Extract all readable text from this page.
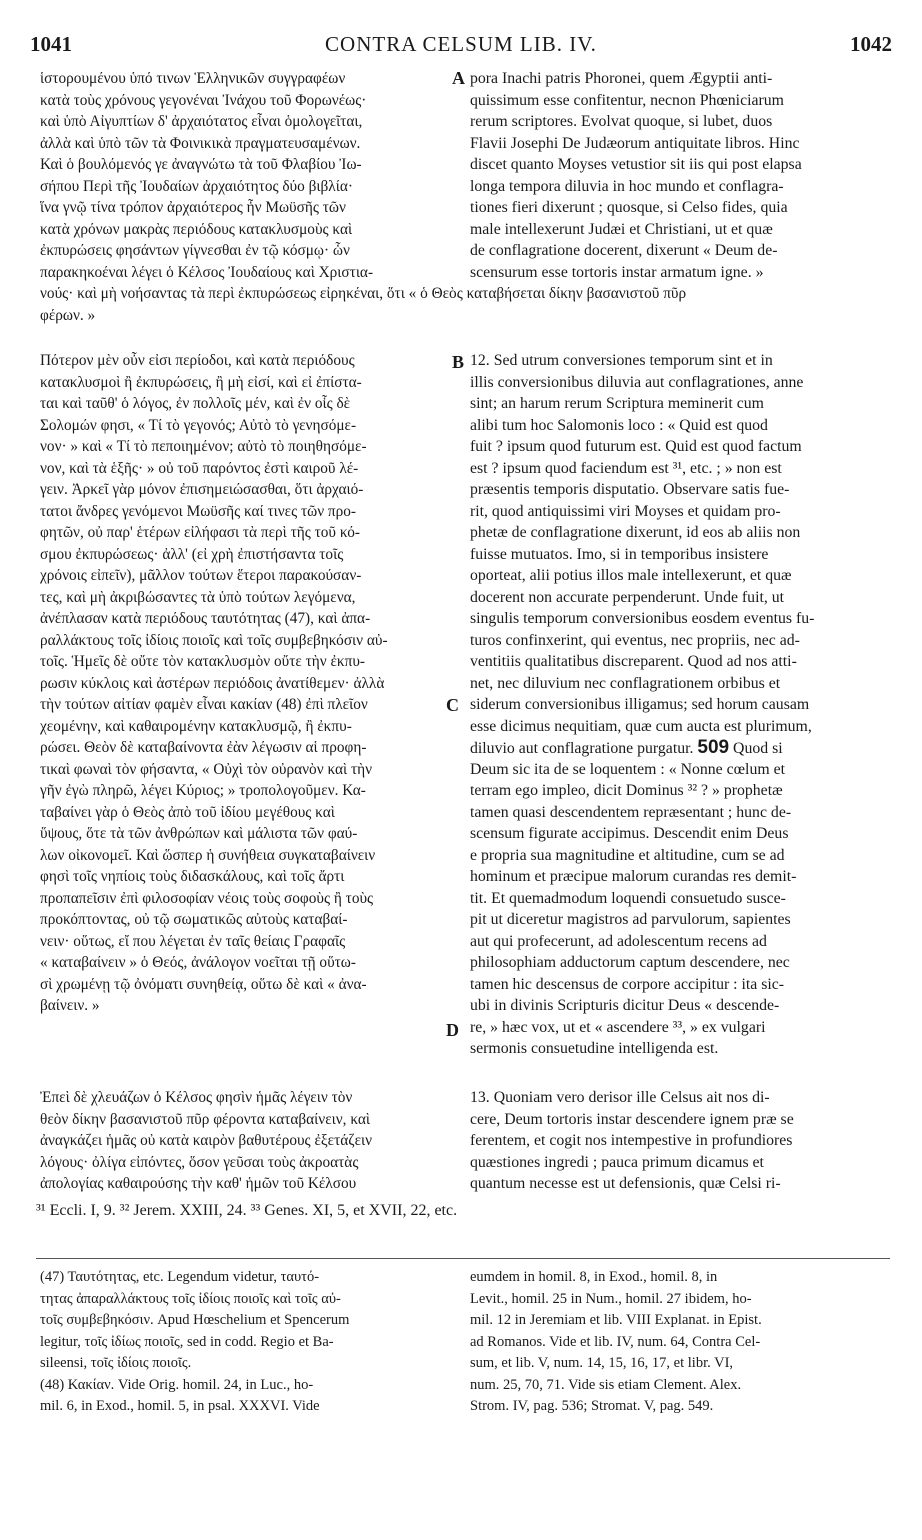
1041	CONTRA CELSUM LIB. IV.	1042
ἱστορουμένου ὑπό τινων Ἑλληνικῶν συγγραφέων
κατὰ τοὺς χρόνους γεγονέναι Ἰνάχου τοῦ Φορωνέως·
καὶ ὑπὸ Αἰγυπτίων δ' ἀρχαιότατος εἶναι ὁμολογεῖται,
ἀλλὰ καὶ ὑπὸ τῶν τὰ Φοινικικὰ πραγματευσαμένων.
Καὶ ὁ βουλόμενός γε ἀναγνώτω τὰ τοῦ Φλαβίου Ἰω-
σήπου Περὶ τῆς Ἰουδαίων ἀρχαιότητος δύο βιβλία·
ἵνα γνῷ τίνα τρόπον ἀρχαιότερος ἦν Μωϋσῆς τῶν
κατὰ χρόνων μακρὰς περιόδους κατακλυσμοὺς καὶ
ἐκπυρώσεις φησάντων γίγνεσθαι ἐν τῷ κόσμῳ· ὧν
παρακηκοέναι λέγει ὁ Κέλσος Ἰουδαίους καὶ Χριστια-
pora Inachi patris Phoronei, quem Ægyptii anti-
quissimum esse confitentur, necnon Phœniciarum
rerum scriptores. Evolvat quoque, si lubet, duos
Flavii Josephi De Judæorum antiquitate libros. Hinc
discet quanto Moyses vetustior sit iis qui post elapsa
longa tempora diluvia in hoc mundo et conflagra-
tiones fieri dixerunt ; quosque, si Celso fides, quia
male intellexerunt Judæi et Christiani, ut et quæ
de conflagratione docerent, dixerunt « Deum de-
scensurum esse tortoris instar armatum igne. »
νούς· καὶ μὴ νοήσαντας τὰ περὶ ἐκπυρώσεως εἰρηκέναι, ὅτι « ὁ Θεὸς καταβήσεται δίκην βασανιστοῦ πῦρ
φέρων. »
A
B
C
D
Πότερον μὲν οὖν εἰσι περίοδοι, καὶ κατὰ περιόδους
κατακλυσμοὶ ἢ ἐκπυρώσεις, ἢ μὴ εἰσί, καὶ εἰ ἐπίστα-
ται καὶ ταῦθ' ὁ λόγος, ἐν πολλοῖς μέν, καὶ ἐν οἷς δὲ
Σολομών φησι, « Τί τὸ γεγονός; Αὐτὸ τὸ γενησόμε-
νον· » καὶ « Τί τὸ πεποιημένον; αὐτὸ τὸ ποιηθησόμε-
νον, καὶ τὰ ἑξῆς· » οὐ τοῦ παρόντος ἐστὶ καιροῦ λέ-
γειν. Ἀρκεῖ γὰρ μόνον ἐπισημειώσασθαι, ὅτι ἀρχαιό-
τατοι ἄνδρες γενόμενοι Μωϋσῆς καί τινες τῶν προ-
φητῶν, οὐ παρ' ἑτέρων εἰλήφασι τὰ περὶ τῆς τοῦ κό-
σμου ἐκπυρώσεως· ἀλλ' (εἰ χρὴ ἐπιστήσαντα τοῖς
χρόνοις εἰπεῖν), μᾶλλον τούτων ἕτεροι παρακούσαν-
τες, καὶ μὴ ἀκριβώσαντες τὰ ὑπὸ τούτων λεγόμενα,
ἀνέπλασαν κατὰ περιόδους ταυτότητας (47), καὶ ἀπα-
ραλλάκτους τοῖς ἰδίοις ποιοῖς καὶ τοῖς συμβεβηκόσιν αὐ-
τοῖς. Ἡμεῖς δὲ οὔτε τὸν κατακλυσμὸν οὔτε τὴν ἐκπυ-
ρωσιν κύκλοις καὶ ἀστέρων περιόδοις ἀνατίθεμεν· ἀλλὰ
τὴν τούτων αἰτίαν φαμὲν εἶναι κακίαν (48) ἐπὶ πλεῖον
χεομένην, καὶ καθαιρομένην κατακλυσμῷ, ἢ ἐκπυ-
ρώσει. Θεὸν δὲ καταβαίνοντα ἐὰν λέγωσιν αἱ προφη-
τικαὶ φωναὶ τὸν φήσαντα, « Οὐχὶ τὸν οὐρανὸν καὶ τὴν
γῆν ἐγὼ πληρῶ, λέγει Κύριος; » τροπολογοῦμεν. Κα-
ταβαίνει γὰρ ὁ Θεὸς ἀπὸ τοῦ ἰδίου μεγέθους καὶ
ὕψους, ὅτε τὰ τῶν ἀνθρώπων καὶ μάλιστα τῶν φαύ-
λων οἰκονομεῖ. Καὶ ὥσπερ ἡ συνήθεια συγκαταβαίνειν
φησὶ τοῖς νηπίοις τοὺς διδασκάλους, καὶ τοῖς ἄρτι
προπαπεῖσιν ἐπὶ φιλοσοφίαν νέοις τοὺς σοφοὺς ἢ τοὺς
προκόπτοντας, οὐ τῷ σωματικῶς αὐτοὺς καταβαί-
νειν· οὕτως, εἴ που λέγεται ἐν ταῖς θείαις Γραφαῖς
« καταβαίνειν » ὁ Θεός, ἀνάλογον νοεῖται τῇ οὕτω-
σὶ χρωμένῃ τῷ ὀνόματι συνηθείᾳ, οὕτω δὲ καὶ « ἀνα-
βαίνειν. »
12. Sed utrum conversiones temporum sint et in
illis conversionibus diluvia aut conflagrationes, anne
sint; an harum rerum Scriptura meminerit cum
alibi tum hoc Salomonis loco : « Quid est quod
fuit ? ipsum quod futurum est. Quid est quod factum
est ? ipsum quod faciendum est ³¹, etc. ; » non est
præsentis temporis disputatio. Observare satis fue-
rit, quod antiquissimi viri Moyses et quidam pro-
phetæ de conflagratione dixerunt, id eos ab aliis non
fuisse mutuatos. Imo, si in temporibus insistere
oporteat, alii potius illos male intellexerunt, et quæ
docerent non accurate perpenderunt. Unde fuit, ut
singulis temporum conversionibus eosdem eventus fu-
turos confinxerint, qui eventus, nec propriis, nec ad-
ventitiis qualitatibus discreparent. Quod ad nos atti-
net, nec diluvium nec conflagrationem orbibus et
siderum conversionibus illigamus; sed horum causam
esse dicimus nequitiam, quæ cum aucta est plurimum,
diluvio aut conflagratione purgatur. 509 Quod si
Deum sic ita de se loquentem : « Nonne cœlum et
terram ego impleo, dicit Dominus ³² ? » prophetæ
tamen quasi descendentem repræsentant ; hunc de-
scensum figurate accipimus. Descendit enim Deus
e propria sua magnitudine et altitudine, cum se ad
hominum et præcipue malorum curandas res demit-
tit. Et quemadmodum loquendi consuetudo susce-
pit ut diceretur magistros ad parvulorum, sapientes
aut qui profecerunt, ad adolescentum recens ad
philosophiam adductorum captum descendere, nec
tamen hic descensus de corpore accipitur : ita sic-
ubi in divinis Scripturis dicitur Deus « descende-
re, » hæc vox, ut et « ascendere ³³, » ex vulgari
sermonis consuetudine intelligenda est.
Ἐπεὶ δὲ χλευάζων ὁ Κέλσος φησὶν ἡμᾶς λέγειν τὸν
θεὸν δίκην βασανιστοῦ πῦρ φέροντα καταβαίνειν, καὶ
ἀναγκάζει ἡμᾶς οὐ κατὰ καιρὸν βαθυτέρους ἐξετάζειν
λόγους· ὀλίγα εἰπόντες, ὅσον γεῦσαι τοὺς ἀκροατὰς
ἀπολογίας καθαιρούσης τὴν καθ' ἡμῶν τοῦ Κέλσου
13. Quoniam vero derisor ille Celsus ait nos di-
cere, Deum tortoris instar descendere ignem præ se
ferentem, et cogit nos intempestive in profundiores
quæstiones ingredi ; pauca primum dicamus et
quantum necesse est ut defensionis, quæ Celsi ri-
³¹ Eccli. I, 9. ³² Jerem. XXIII, 24. ³³ Genes. XI, 5, et XVII, 22, etc.
(47) Ταυτότητας, etc. Legendum videtur, ταυτό-
τητας ἀπαραλλάκτους τοῖς ἰδίοις ποιοῖς καὶ τοῖς αὐ-
τοῖς συμβεβηκόσιν. Apud Hœschelium et Spencerum
legitur, τοῖς ἰδίως ποιοῖς, sed in codd. Regio et Ba-
sileensi, τοῖς ἰδίοις ποιοῖς.
(48) Κακίαν. Vide Orig. homil. 24, in Luc., ho-
mil. 6, in Exod., homil. 5, in psal. XXXVI. Vide
eumdem in homil. 8, in Exod., homil. 8, in
Levit., homil. 25 in Num., homil. 27 ibidem, ho-
mil. 12 in Jeremiam et lib. VIII Explanat. in Epist.
ad Romanos. Vide et lib. IV, num. 64, Contra Cel-
sum, et lib. V, num. 14, 15, 16, 17, et libr. VI,
num. 25, 70, 71. Vide sis etiam Clement. Alex.
Strom. IV, pag. 536; Stromat. V, pag. 549.
